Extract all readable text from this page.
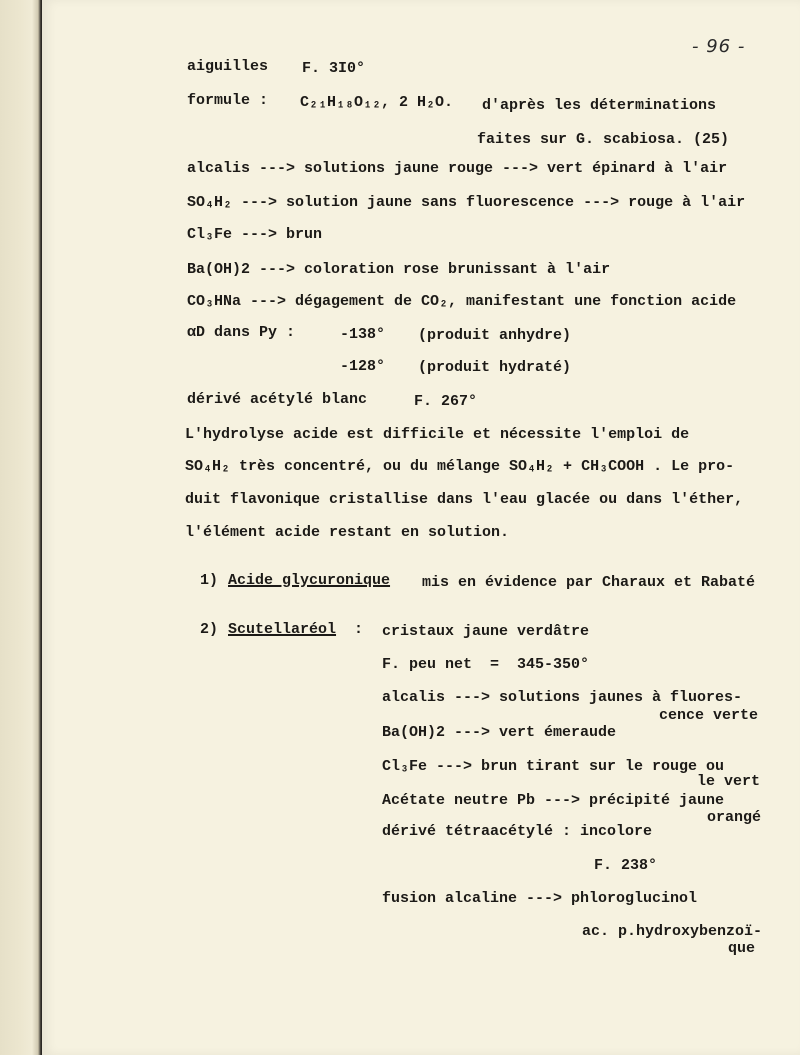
- 96 -
aiguilles F. 3I0°
formule : C₂₁H₁₈O₁₂, 2 H₂O. d'après les déterminations
faites sur G. scabiosa. (25)
alcalis ---> solutions jaune rouge ---> vert épinard à l'air
SO₄H₂ ---> solution jaune sans fluorescence ---> rouge à l'air
Cl₃Fe ---> brun
Ba(OH)2 ---> coloration rose brunissant à l'air
CO₃HNa ---> dégagement de CO₂, manifestant une fonction acide
αD dans Py :	-138° (produit anhydre)
-128° (produit hydraté)
dérivé acétylé blanc	F. 267°
L'hydrolyse acide est difficile et nécessite l'emploi de
SO₄H₂ très concentré, ou du mélange SO₄H₂ + CH₃COOH . Le pro-
duit flavonique cristallise dans l'eau glacée ou dans l'éther,
l'élément acide restant en solution.
1) Acide glycuronique mis en évidence par Charaux et Rabaté
2) Scutellaréol : cristaux jaune verdâtre
F. peu net  =  345-350°
alcalis ---> solutions jaunes à fluores-
cence verte
Ba(OH)2 ---> vert émeraude
Cl₃Fe ---> brun tirant sur le rouge ou
le vert
Acétate neutre Pb ---> précipité jaune
orangé
dérivé tétraacétylé : incolore
F. 238°
fusion alcaline ---> phloroglucinol
ac. p.hydroxybenzoï-
que
